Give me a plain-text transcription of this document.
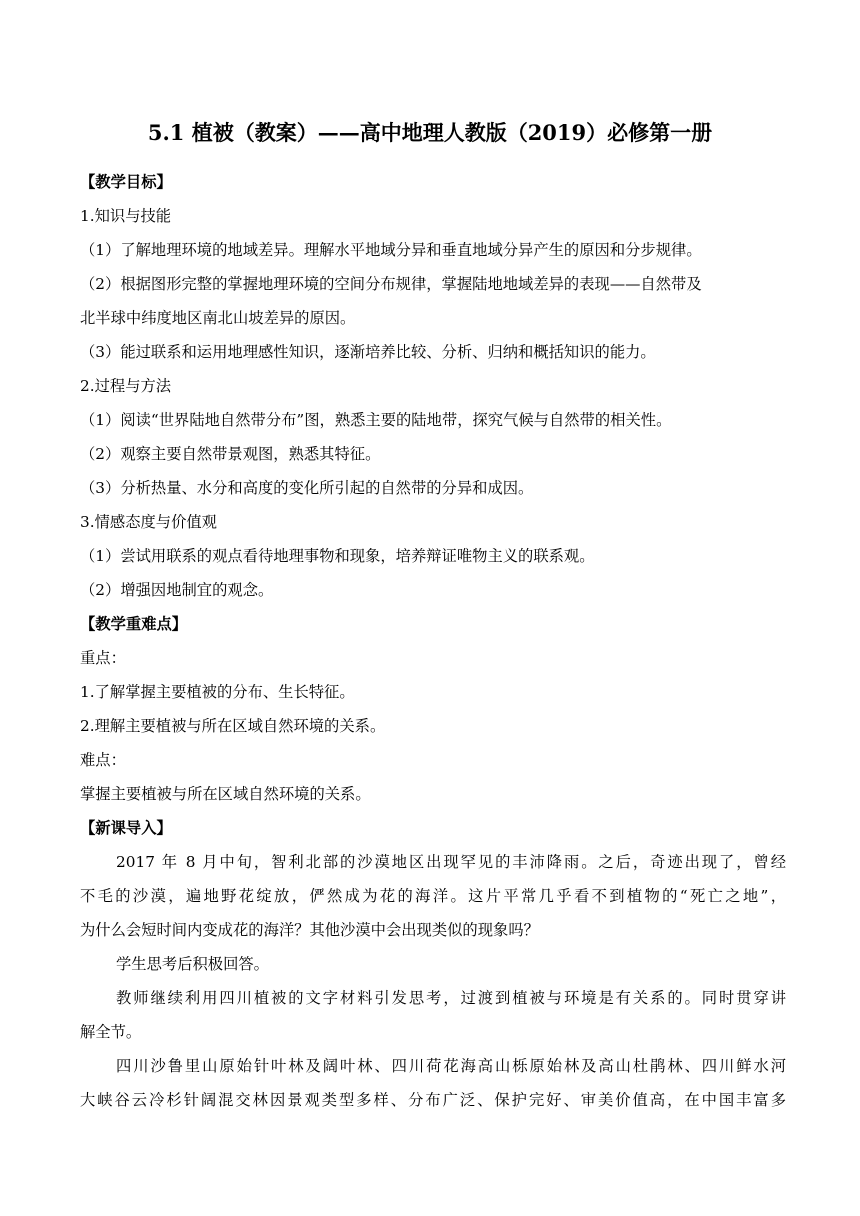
5.1 植被（教案）——高中地理人教版（2019）必修第一册
【教学目标】
1.知识与技能
（1）了解地理环境的地域差异。理解水平地域分异和垂直地域分异产生的原因和分步规律。
（2）根据图形完整的掌握地理环境的空间分布规律，掌握陆地地域差异的表现——自然带及
北半球中纬度地区南北山坡差异的原因。
（3）能过联系和运用地理感性知识，逐渐培养比较、分析、归纳和概括知识的能力。
2.过程与方法
（1）阅读“世界陆地自然带分布”图，熟悉主要的陆地带，探究气候与自然带的相关性。
（2）观察主要自然带景观图，熟悉其特征。
（3）分析热量、水分和高度的变化所引起的自然带的分异和成因。
3.情感态度与价值观
（1）尝试用联系的观点看待地理事物和现象，培养辩证唯物主义的联系观。
（2）增强因地制宜的观念。
【教学重难点】
重点：
1.了解掌握主要植被的分布、生长特征。
2.理解主要植被与所在区域自然环境的关系。
难点：
掌握主要植被与所在区域自然环境的关系。
【新课导入】
2017 年 8 月中旬，智利北部的沙漠地区出现罕见的丰沛降雨。之后，奇迹出现了，曾经
不毛的沙漠，遍地野花绽放，俨然成为花的海洋。这片平常几乎看不到植物的“死亡之地”，
为什么会短时间内变成花的海洋？其他沙漠中会出现类似的现象吗？
学生思考后积极回答。
教师继续利用四川植被的文字材料引发思考，过渡到植被与环境是有关系的。同时贯穿讲
解全节。
四川沙鲁里山原始针叶林及阔叶林、四川荷花海高山栎原始林及高山杜鹃林、四川鲜水河
大峡谷云冷杉针阔混交林因景观类型多样、分布广泛、保护完好、审美价值高，在中国丰富多
